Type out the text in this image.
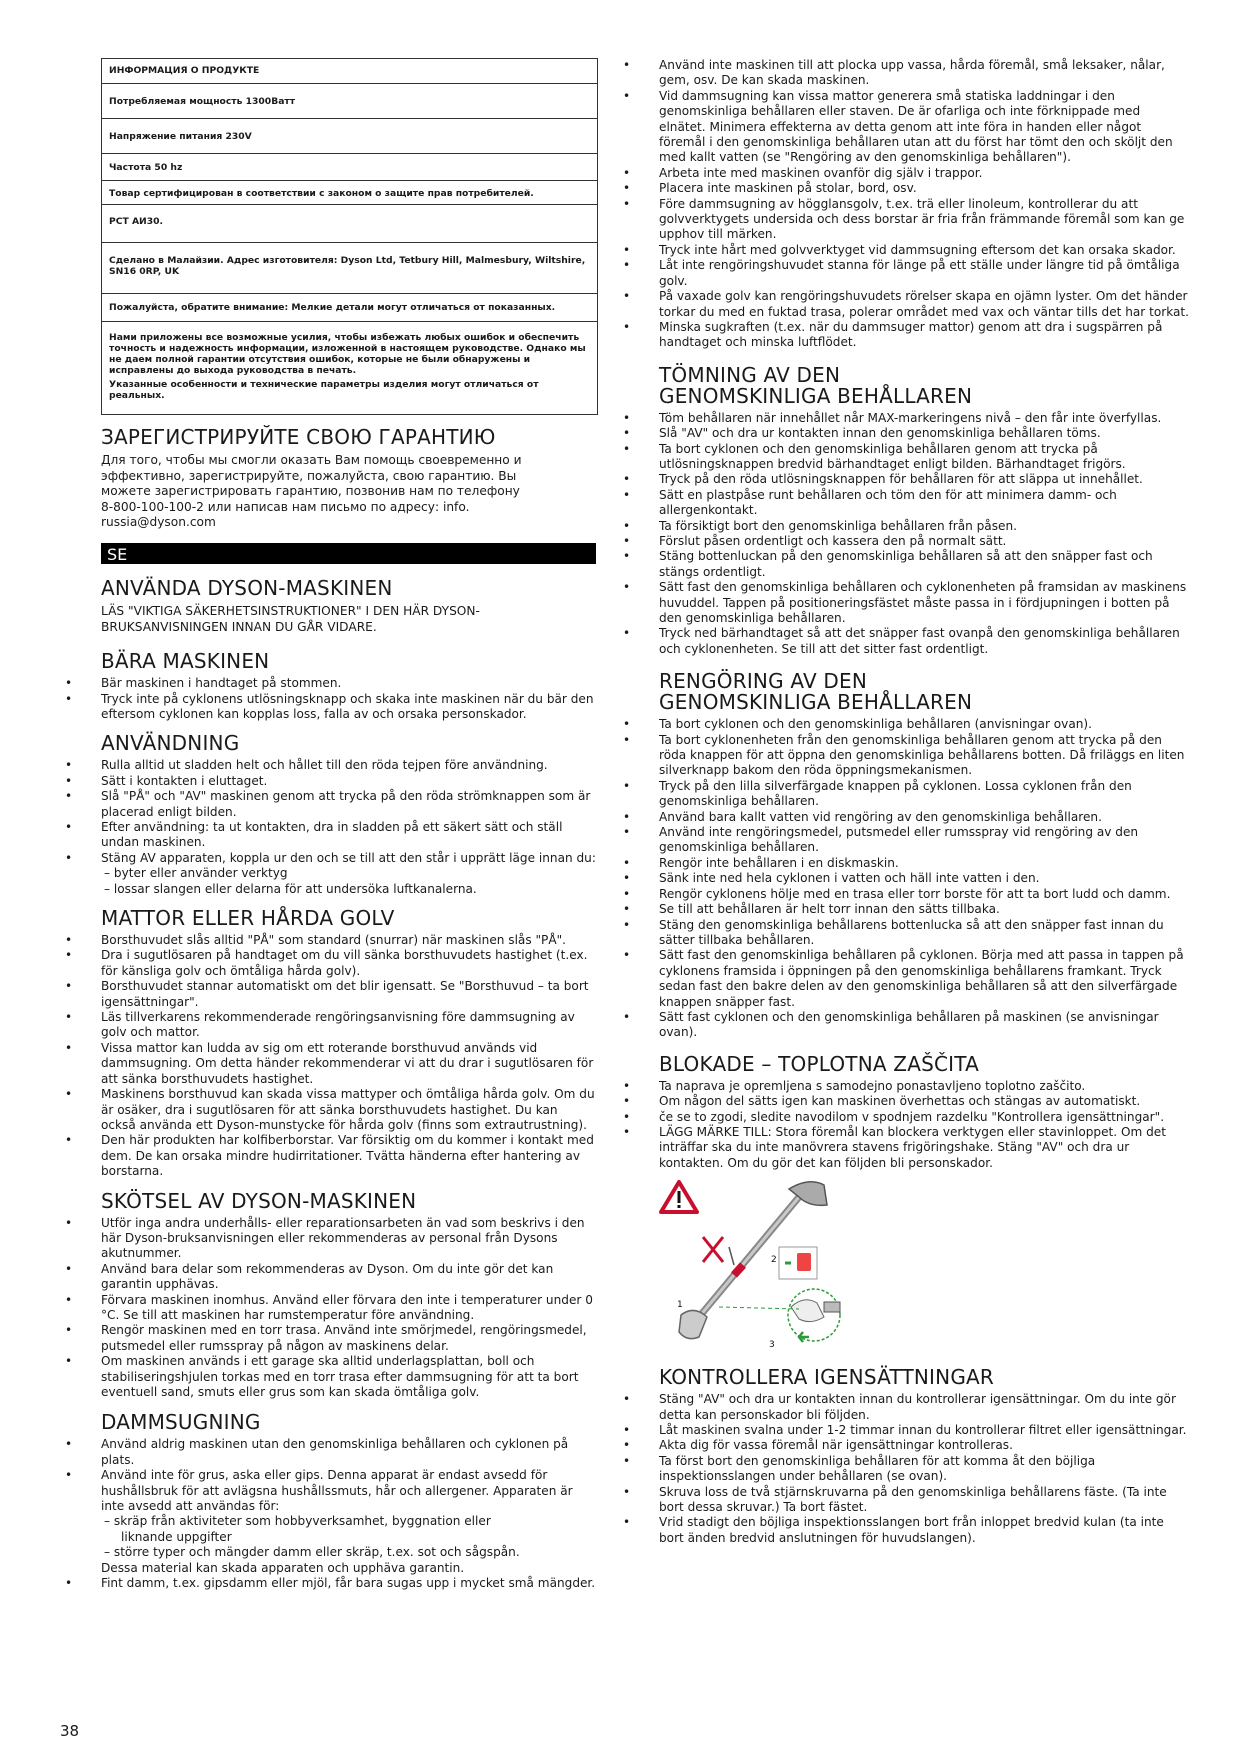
ИНФОРМАЦИЯ О ПРОДУКТЕ
Потребляемая мощность 1300Ватт
Напряжение питания 230V
Частота 50 hz
Товар сертифицирован в соответствии с законом о защите прав потребителей.
РСТ АИ30.
Сделано в Малайзии. Адрес изготовителя: Dyson Ltd, Tetbury Hill, Malmesbury, Wiltshire, SN16 0RP, UK
Пожалуйста, обратите внимание: Мелкие детали могут отличаться от показанных.
Нами приложены все возможные усилия, чтобы избежать любых ошибок и обеспечить точность и надежность информации, изложенной в настоящем руководстве. Однако мы не даем полной гарантии отсутствия ошибок, которые не были обнаружены и исправлены до выхода руководства в печать.
Указанные особенности и технические параметры изделия могут отличаться от реальных.
ЗАРЕГИСТРИРУЙТЕ СВОЮ ГАРАНТИЮ

Для того, чтобы мы смогли оказать Вам помощь своевременно и эффективно, зарегистрируйте, пожалуйста, свою гарантию. Вы можете зарегистрировать гарантию, позвонив нам по телефону 8-800-100-100-2 или написав нам письмо по адресу: info. russia@dyson.com

SE
ANVÄNDA DYSON-MASKINEN

LÄS "VIKTIGA SÄKERHETSINSTRUKTIONER" I DEN HÄR DYSON-BRUKSANVISNINGEN INNAN DU GÅR VIDARE.

BÄRA MASKINEN
• Bär maskinen i handtaget på stommen.
• Tryck inte på cyklonens utlösningsknapp och skaka inte maskinen när du bär den eftersom cyklonen kan kopplas loss, falla av och orsaka personskador.
ANVÄNDNING
• Rulla alltid ut sladden helt och hållet till den röda tejpen före användning.
• Sätt i kontakten i eluttaget.
• Slå "PÅ" och "AV" maskinen genom att trycka på den röda strömknappen som är placerad enligt bilden.
• Efter användning: ta ut kontakten, dra in sladden på ett säkert sätt och ställ undan maskinen.
• Stäng AV apparaten, koppla ur den och se till att den står i upprätt läge innan du:
– byter eller använder verktyg
– lossar slangen eller delarna för att undersöka luftkanalerna.
MATTOR ELLER HÅRDA GOLV
• Borsthuvudet slås alltid "PÅ" som standard (snurrar) när maskinen slås "PÅ".
• Dra i sugutlösaren på handtaget om du vill sänka borsthuvudets hastighet (t.ex. för känsliga golv och ömtåliga hårda golv).
• Borsthuvudet stannar automatiskt om det blir igensatt. Se "Borsthuvud – ta bort igensättningar".
• Läs tillverkarens rekommenderade rengöringsanvisning före dammsugning av golv och mattor.
• Vissa mattor kan ludda av sig om ett roterande borsthuvud används vid dammsugning. Om detta händer rekommenderar vi att du drar i sugutlösaren för att sänka borsthuvudets hastighet.
• Maskinens borsthuvud kan skada vissa mattyper och ömtåliga hårda golv. Om du är osäker, dra i sugutlösaren för att sänka borsthuvudets hastighet. Du kan också använda ett Dyson-munstycke för hårda golv (finns som extrautrustning).
• Den här produkten har kolfiberborstar. Var försiktig om du kommer i kontakt med dem. De kan orsaka mindre hudirritationer. Tvätta händerna efter hantering av borstarna.
SKÖTSEL AV DYSON-MASKINEN
• Utför inga andra underhålls- eller reparationsarbeten än vad som beskrivs i den här Dyson-bruksanvisningen eller rekommenderas av personal från Dysons akutnummer.
• Använd bara delar som rekommenderas av Dyson. Om du inte gör det kan garantin upphävas.
• Förvara maskinen inomhus. Använd eller förvara den inte i temperaturer under 0 °C. Se till att maskinen har rumstemperatur före användning.
• Rengör maskinen med en torr trasa. Använd inte smörjmedel, rengöringsmedel, putsmedel eller rumsspray på någon av maskinens delar.
• Om maskinen används i ett garage ska alltid underlagsplattan, boll och stabiliseringshjulen torkas med en torr trasa efter dammsugning för att ta bort eventuell sand, smuts eller grus som kan skada ömtåliga golv.
DAMMSUGNING
• Använd aldrig maskinen utan den genomskinliga behållaren och cyklonen på plats.
• Använd inte för grus, aska eller gips. Denna apparat är endast avsedd för hushållsbruk för att avlägsna hushållssmuts, hår och allergener. Apparaten är inte avsedd att användas för:
– skräp från aktiviteter som hobbyverksamhet, byggnation eller
liknande uppgifter
– större typer och mängder damm eller skräp, t.ex. sot och sågspån.
Dessa material kan skada apparaten och upphäva garantin.
• Fint damm, t.ex. gipsdamm eller mjöl, får bara sugas upp i mycket små mängder.
• Använd inte maskinen till att plocka upp vassa, hårda föremål, små leksaker, nålar, gem, osv. De kan skada maskinen.
• Vid dammsugning kan vissa mattor generera små statiska laddningar i den genomskinliga behållaren eller staven. De är ofarliga och inte förknippade med elnätet. Minimera effekterna av detta genom att inte föra in handen eller något föremål i den genomskinliga behållaren utan att du först har tömt den och sköljt den med kallt vatten (se "Rengöring av den genomskinliga behållaren").
• Arbeta inte med maskinen ovanför dig själv i trappor.
• Placera inte maskinen på stolar, bord, osv.
• Före dammsugning av högglansgolv, t.ex. trä eller linoleum, kontrollerar du att golvverktygets undersida och dess borstar är fria från främmande föremål som kan ge upphov till märken.
• Tryck inte hårt med golvverktyget vid dammsugning eftersom det kan orsaka skador.
• Låt inte rengöringshuvudet stanna för länge på ett ställe under längre tid på ömtåliga golv.
• På vaxade golv kan rengöringshuvudets rörelser skapa en ojämn lyster. Om det händer torkar du med en fuktad trasa, polerar området med vax och väntar tills det har torkat.
• Minska sugkraften (t.ex. när du dammsuger mattor) genom att dra i sugspärren på handtaget och minska luftflödet.
TÖMNING AV DEN
GENOMSKINLIGA BEHÅLLAREN
• Töm behållaren när innehållet når MAX-markeringens nivå – den får inte överfyllas.
• Slå "AV" och dra ur kontakten innan den genomskinliga behållaren töms.
• Ta bort cyklonen och den genomskinliga behållaren genom att trycka på utlösningsknappen bredvid bärhandtaget enligt bilden. Bärhandtaget frigörs.
• Tryck på den röda utlösningsknappen för behållaren för att släppa ut innehållet.
• Sätt en plastpåse runt behållaren och töm den för att minimera damm- och allergenkontakt.
• Ta försiktigt bort den genomskinliga behållaren från påsen.
• Förslut påsen ordentligt och kassera den på normalt sätt.
• Stäng bottenluckan på den genomskinliga behållaren så att den snäpper fast och stängs ordentligt.
• Sätt fast den genomskinliga behållaren och cyklonenheten på framsidan av maskinens huvuddel. Tappen på positioneringsfästet måste passa in i fördjupningen i botten på den genomskinliga behållaren.
• Tryck ned bärhandtaget så att det snäpper fast ovanpå den genomskinliga behållaren och cyklonenheten. Se till att det sitter fast ordentligt.
RENGÖRING AV DEN
GENOMSKINLIGA BEHÅLLAREN
• Ta bort cyklonen och den genomskinliga behållaren (anvisningar ovan).
• Ta bort cyklonenheten från den genomskinliga behållaren genom att trycka på den röda knappen för att öppna den genomskinliga behållarens botten. Då friläggs en liten silverknapp bakom den röda öppningsmekanismen.
• Tryck på den lilla silverfärgade knappen på cyklonen. Lossa cyklonen från den genomskinliga behållaren.
• Använd bara kallt vatten vid rengöring av den genomskinliga behållaren.
• Använd inte rengöringsmedel, putsmedel eller rumsspray vid rengöring av den genomskinliga behållaren.
• Rengör inte behållaren i en diskmaskin.
• Sänk inte ned hela cyklonen i vatten och häll inte vatten i den.
• Rengör cyklonens hölje med en trasa eller torr borste för att ta bort ludd och damm.
• Se till att behållaren är helt torr innan den sätts tillbaka.
• Stäng den genomskinliga behållarens bottenlucka så att den snäpper fast innan du sätter tillbaka behållaren.
• Sätt fast den genomskinliga behållaren på cyklonen. Börja med att passa in tappen på cyklonens framsida i öppningen på den genomskinliga behållarens framkant. Tryck sedan fast den bakre delen av den genomskinliga behållaren så att den silverfärgade knappen snäpper fast.
• Sätt fast cyklonen och den genomskinliga behållaren på maskinen (se anvisningar ovan).
BLOKADE – TOPLOTNA ZAŠČITA
• Ta naprava je opremljena s samodejno ponastavljeno toplotno zaščito.
• Om någon del sätts igen kan maskinen överhettas och stängas av automatiskt.
• če se to zgodi, sledite navodilom v spodnjem razdelku "Kontrollera igensättningar".
• LÄGG MÄRKE TILL: Stora föremål kan blockera verktygen eller stavinloppet. Om det inträffar ska du inte manövrera stavens frigöringshake. Stäng "AV" och dra ur kontakten. Om du gör det kan följden bli personskador.
1
2
3
KONTROLLERA IGENSÄTTNINGAR
• Stäng "AV" och dra ur kontakten innan du kontrollerar igensättningar. Om du inte gör detta kan personskador bli följden.
• Låt maskinen svalna under 1-2 timmar innan du kontrollerar filtret eller igensättningar.
• Akta dig för vassa föremål när igensättningar kontrolleras.
• Ta först bort den genomskinliga behållaren för att komma åt den böjliga inspektionsslangen under behållaren (se ovan).
• Skruva loss de två stjärnskruvarna på den genomskinliga behållarens fäste. (Ta inte bort dessa skruvar.) Ta bort fästet.
• Vrid stadigt den böjliga inspektionsslangen bort från inloppet bredvid kulan (ta inte bort änden bredvid anslutningen för huvudslangen).
38
